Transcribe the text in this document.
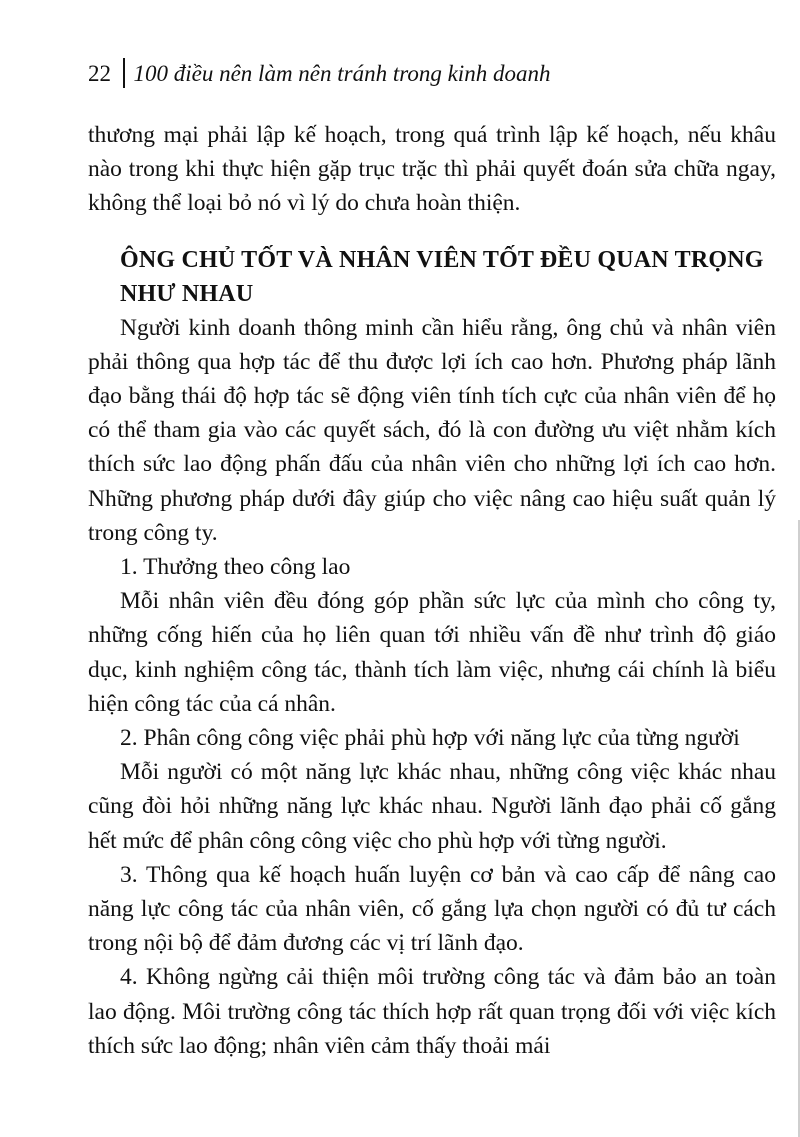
22 100 điều nên làm nên tránh trong kinh doanh

thương mại phải lập kế hoạch, trong quá trình lập kế hoạch, nếu khâu nào trong khi thực hiện gặp trục trặc thì phải quyết đoán sửa chữa ngay, không thể loại bỏ nó vì lý do chưa hoàn thiện.

ÔNG CHỦ TỐT VÀ NHÂN VIÊN TỐT ĐỀU QUAN TRỌNG NHƯ NHAU

Người kinh doanh thông minh cần hiểu rằng, ông chủ và nhân viên phải thông qua hợp tác để thu được lợi ích cao hơn. Phương pháp lãnh đạo bằng thái độ hợp tác sẽ động viên tính tích cực của nhân viên để họ có thể tham gia vào các quyết sách, đó là con đường ưu việt nhằm kích thích sức lao động phấn đấu của nhân viên cho những lợi ích cao hơn. Những phương pháp dưới đây giúp cho việc nâng cao hiệu suất quản lý trong công ty.

1. Thưởng theo công lao

Mỗi nhân viên đều đóng góp phần sức lực của mình cho công ty, những cống hiến của họ liên quan tới nhiều vấn đề như trình độ giáo dục, kinh nghiệm công tác, thành tích làm việc, nhưng cái chính là biểu hiện công tác của cá nhân.

2. Phân công công việc phải phù hợp với năng lực của từng người

Mỗi người có một năng lực khác nhau, những công việc khác nhau cũng đòi hỏi những năng lực khác nhau. Người lãnh đạo phải cố gắng hết mức để phân công công việc cho phù hợp với từng người.

3. Thông qua kế hoạch huấn luyện cơ bản và cao cấp để nâng cao năng lực công tác của nhân viên, cố gắng lựa chọn người có đủ tư cách trong nội bộ để đảm đương các vị trí lãnh đạo.

4. Không ngừng cải thiện môi trường công tác và đảm bảo an toàn lao động. Môi trường công tác thích hợp rất quan trọng đối với việc kích thích sức lao động; nhân viên cảm thấy thoải mái
